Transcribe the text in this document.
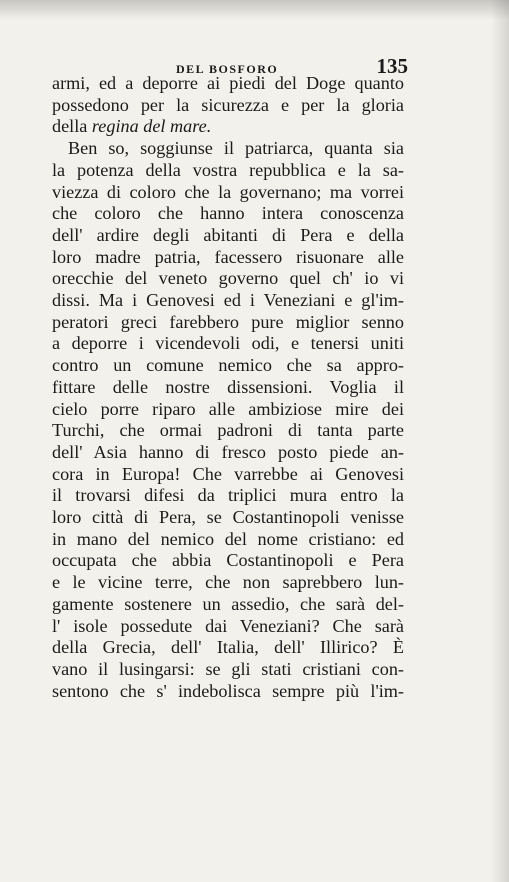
DEL BOSFORO	135
armi, ed a deporre ai piedi del Doge quanto
possedono per la sicurezza e per la gloria
della regina del mare.
Ben so, soggiunse il patriarca, quanta sia
la potenza della vostra repubblica e la sa-
viezza di coloro che la governano; ma vorrei
che coloro che hanno intera conoscenza
dell' ardire degli abitanti di Pera e della
loro madre patria, facessero risuonare alle
orecchie del veneto governo quel ch' io vi
dissi. Ma i Genovesi ed i Veneziani e gl'im-
peratori greci farebbero pure miglior senno
a deporre i vicendevoli odi, e tenersi uniti
contro un comune nemico che sa appro-
fittare delle nostre dissensioni. Voglia il
cielo porre riparo alle ambiziose mire dei
Turchi, che ormai padroni di tanta parte
dell' Asia hanno di fresco posto piede an-
cora in Europa! Che varrebbe ai Genovesi
il trovarsi difesi da triplici mura entro la
loro città di Pera, se Costantinopoli venisse
in mano del nemico del nome cristiano: ed
occupata che abbia Costantinopoli e Pera
e le vicine terre, che non saprebbero lun-
gamente sostenere un assedio, che sarà del-
l' isole possedute dai Veneziani? Che sarà
della Grecia, dell' Italia, dell' Illirico? È
vano il lusingarsi: se gli stati cristiani con-
sentono che s' indebolisca sempre più l'im-
